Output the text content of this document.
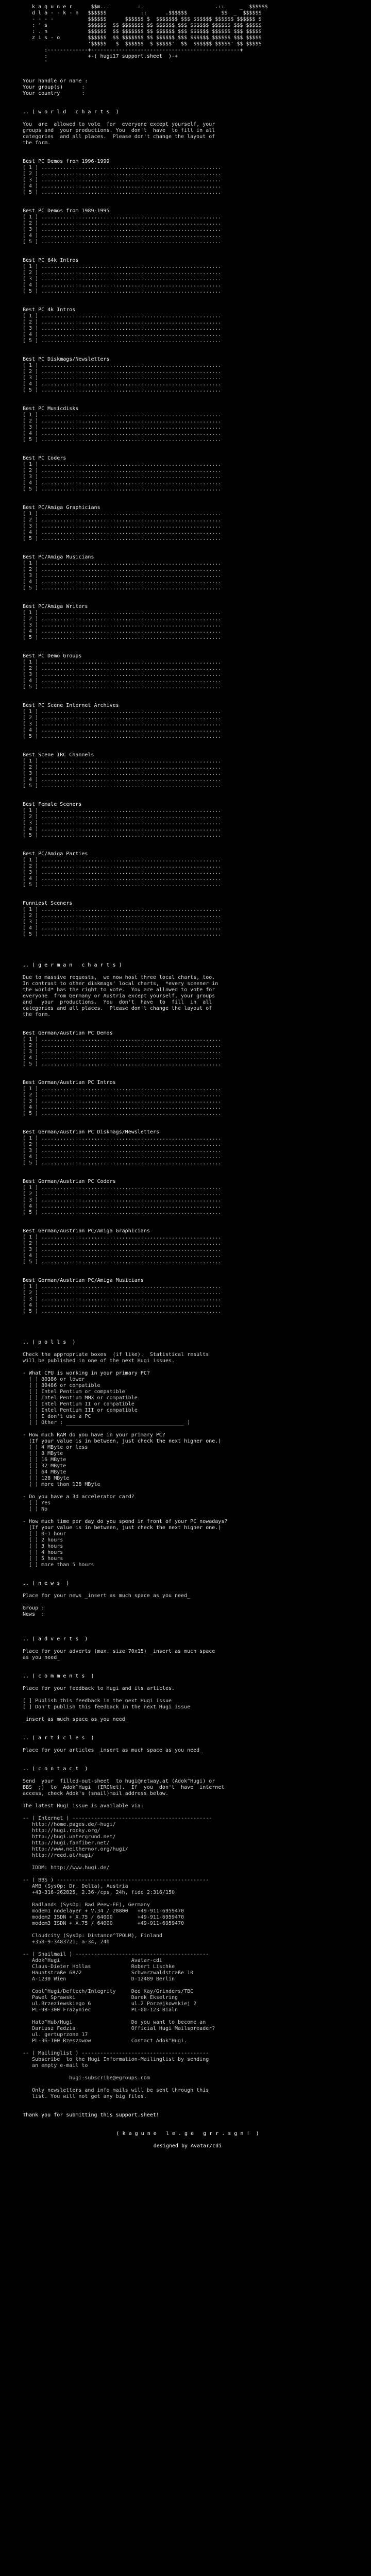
k a g u n e r      $$m...         :.                       .::     _  $$$$$$
d l a - - k - n   $$$$$$           ::      .$$$$$$           $$  _  $$$$$$
- - - -           $$$$$$      $$$$$$ $  $$$$$$$ $$$ $$$$$$ $$$$$$ $$$$$$ $
: ' s             $$$$$$  $$ $$$$$$$ $$ $$$$$$ $$$ $$$$$$ $$$$$$ $$$ $$$$$
: . n             $$$$$$  $$ $$$$$$$ $$ $$$$$$ $$$ $$$$$$ $$$$$$ $$$ $$$$$
z i s - o         $$$$$$  $$ $$$$$$$ $$ $$$$$$ $$$ $$$$$$ $$$$$$ $$$ $$$$$
'$$$$$   $  $$$$$$  $ $$$$$'  $$  $$$$$$ $$$$$' $$ $$$$$
:-------------+------------------------------------------------+
:             +-( hugi17 support.sheet  )-+
'
Your handle or name :
Your group(s)      :
Your country       :
.. ( w o r l d   c h a r t s  )
You  are  allowed to vote  for  everyone except yourself, your
groups and  your productions. You  don't  have  to fill in all
categories  and all places.  Please don't change the layout of
the form.
Best PC Demos from 1996-1999
[ 1 ] ..........................................................
[ 2 ] ..........................................................
[ 3 ] ..........................................................
[ 4 ] ..........................................................
[ 5 ] ..........................................................
Best PC Demos from 1989-1995
[ 1 ] ..........................................................
[ 2 ] ..........................................................
[ 3 ] ..........................................................
[ 4 ] ..........................................................
[ 5 ] ..........................................................
Best PC 64k Intros
[ 1 ] ..........................................................
[ 2 ] ..........................................................
[ 3 ] ..........................................................
[ 4 ] ..........................................................
[ 5 ] ..........................................................
Best PC 4k Intros
[ 1 ] ..........................................................
[ 2 ] ..........................................................
[ 3 ] ..........................................................
[ 4 ] ..........................................................
[ 5 ] ..........................................................
Best PC Diskmags/Newsletters
[ 1 ] ..........................................................
[ 2 ] ..........................................................
[ 3 ] ..........................................................
[ 4 ] ..........................................................
[ 5 ] ..........................................................
Best PC Musicdisks
[ 1 ] ..........................................................
[ 2 ] ..........................................................
[ 3 ] ..........................................................
[ 4 ] ..........................................................
[ 5 ] ..........................................................
Best PC Coders
[ 1 ] ..........................................................
[ 2 ] ..........................................................
[ 3 ] ..........................................................
[ 4 ] ..........................................................
[ 5 ] ..........................................................
Best PC/Amiga Graphicians
[ 1 ] ..........................................................
[ 2 ] ..........................................................
[ 3 ] ..........................................................
[ 4 ] ..........................................................
[ 5 ] ..........................................................
Best PC/Amiga Musicians
[ 1 ] ..........................................................
[ 2 ] ..........................................................
[ 3 ] ..........................................................
[ 4 ] ..........................................................
[ 5 ] ..........................................................
Best PC/Amiga Writers
[ 1 ] ..........................................................
[ 2 ] ..........................................................
[ 3 ] ..........................................................
[ 4 ] ..........................................................
[ 5 ] ..........................................................
Best PC Demo Groups
[ 1 ] ..........................................................
[ 2 ] ..........................................................
[ 3 ] ..........................................................
[ 4 ] ..........................................................
[ 5 ] ..........................................................
Best PC Scene Internet Archives
[ 1 ] ..........................................................
[ 2 ] ..........................................................
[ 3 ] ..........................................................
[ 4 ] ..........................................................
[ 5 ] ..........................................................
Best Scene IRC Channels
[ 1 ] ..........................................................
[ 2 ] ..........................................................
[ 3 ] ..........................................................
[ 4 ] ..........................................................
[ 5 ] ..........................................................
Best Female Sceners
[ 1 ] ..........................................................
[ 2 ] ..........................................................
[ 3 ] ..........................................................
[ 4 ] ..........................................................
[ 5 ] ..........................................................
Best PC/Amiga Parties
[ 1 ] ..........................................................
[ 2 ] ..........................................................
[ 3 ] ..........................................................
[ 4 ] ..........................................................
[ 5 ] ..........................................................
Funniest Sceners
[ 1 ] ..........................................................
[ 2 ] ..........................................................
[ 3 ] ..........................................................
[ 4 ] ..........................................................
[ 5 ] ..........................................................
.. ( g e r m a n   c h a r t s )
Due to massive requests,  we now host three local charts, too.
In contrast to other diskmags' local charts,  *every sceener in
the world* has the right to vote.  You are allowed to vote for
everyone  from Germany or Austria except yourself, your groups
and   your  productions.  You  don't  have  to  fill  in  all
categories and all places.  Please don't change the layout of
the form.
Best German/Austrian PC Demos
[ 1 ] ..........................................................
[ 2 ] ..........................................................
[ 3 ] ..........................................................
[ 4 ] ..........................................................
[ 5 ] ..........................................................
Best German/Austrian PC Intros
[ 1 ] ..........................................................
[ 2 ] ..........................................................
[ 3 ] ..........................................................
[ 4 ] ..........................................................
[ 5 ] ..........................................................
Best German/Austrian PC Diskmags/Newsletters
[ 1 ] ..........................................................
[ 2 ] ..........................................................
[ 3 ] ..........................................................
[ 4 ] ..........................................................
[ 5 ] ..........................................................
Best German/Austrian PC Coders
[ 1 ] ..........................................................
[ 2 ] ..........................................................
[ 3 ] ..........................................................
[ 4 ] ..........................................................
[ 5 ] ..........................................................
Best German/Austrian PC/Amiga Graphicians
[ 1 ] ..........................................................
[ 2 ] ..........................................................
[ 3 ] ..........................................................
[ 4 ] ..........................................................
[ 5 ] ..........................................................
Best German/Austrian PC/Amiga Musicians
[ 1 ] ..........................................................
[ 2 ] ..........................................................
[ 3 ] ..........................................................
[ 4 ] ..........................................................
[ 5 ] ..........................................................
.. ( p o l l s  )
Check the appropriate boxes  (if like).  Statistical results
will be published in one of the next Hugi issues.
- What CPU is working in your primary PC?
[ ] 80386 or lower
[ ] 80486 or compatible
[ ] Intel Pentium or compatible
[ ] Intel Pentium MMX or compatible
[ ] Intel Pentium II or compatible
[ ] Intel Pentium III or compatible
[ ] I don't use a PC
[ ] Other : ______________________________________ )
- How much RAM do you have in your primary PC?
(If your value is in between, just check the next higher one.)
[ ] 4 MByte or less
[ ] 8 MByte
[ ] 16 MByte
[ ] 32 MByte
[ ] 64 MByte
[ ] 128 MByte
[ ] more than 128 MByte
- Do you have a 3d accelerator card?
[ ] Yes
[ ] No
- How much time per day do you spend in front of your PC nowadays?
(If your value is in between, just check the next higher one.)
[ ] 0-1 hour
[ ] 2 hours
[ ] 3 hours
[ ] 4 hours
[ ] 5 hours
[ ] more than 5 hours
.. ( n e w s  )
Place for your news _insert as much space as you need_
Group :
News  :
.. ( a d v e r t s  )
Place for your adverts (max. size 70x15) _insert as much space
as you need_
.. ( c o m m e n t s  )
Place for your feedback to Hugi and its articles.
[ ] Publish this feedback in the next Hugi issue
[ ] Don't publish this feedback in the next Hugi issue
_insert as much space as you need_
.. ( a r t i c l e s  )
Place for your articles _insert as much space as you need_
.. ( c o n t a c t  )
Send  your  filled-out-sheet  to hugi@netway.at (Adok^Hugi) or
BBS  ;)  to  Adok^Hugi  (IRCNet).  If  you  don't  have  internet
access, check Adok's (snail)mail address below.
The latest Hugi issue is available via:
-- ( Internet ) ---------------------------------------------
http://home.pages.de/~hugi/
http://hugi.rocky.org/
http://hugi.untergrund.net/
http://hugi.fanfiber.net/
http://www.neithernor.org/hugi/
http://reed.at/hugi/

IDDM: http://www.hugi.de/
-- ( BBS ) -------------------------------------------------
AMB (SysOp: Dr. Delta), Austria
+43-316-262825, 2.36-/cps, 24h, fido 2:316/150

Badlands (SysOp: Bad Peew-EE), Germany
modem1 nodelayer + V.34 / 28800   +49-911-6959470
modem2 ISDN + X.75 / 64000        +49-911-6959470
modem3 ISDN + X.75 / 64000        +49-911-6959470

Cloudcity (SysOp: Distance^TPOLM), Finland
+358-9-3483721, a-34, 24h
-- ( Snailmail ) -------------------------------------------
Adok^Hugi                       Avatar-cdi
Claus-Dieter Hollas             Robert Lischke
Hauptstraße 68/2                Schwarzwaldstraße 10
A-1230 Wien                     D-12489 Berlin

Cool^Hugi/Deftech/Integrity     Dee Kay/Grinders/TBC
Pawel Sprawski                  Darek Ekselring
ul.Brzeziewskiego 6             ul.2 Porzejkowskiej 2
PL-98-300 Frazyniec             PL-00-123 Bialn

Hato^Hub/Hugi                   Do you want to become an
Dariusz Fedzia                  Official Hugi Mailspreader?
ul. gertuprzone 17
PL-36-100 Rzeszowow             Contact Adok^Hugi.
-- ( Mailinglist ) -----------------------------------------
Subscribe  to the Hugi Information-Mailinglist by sending
an empty e-mail to

hugi-subscribe@egroups.com

Only newsletters and info mails will be sent through this
list. You will not get any big files.
Thank you for submitting this support.sheet!
( k a g u n e   l e . g e   g r r . s g n !  )
designed by Avatar/cdi
